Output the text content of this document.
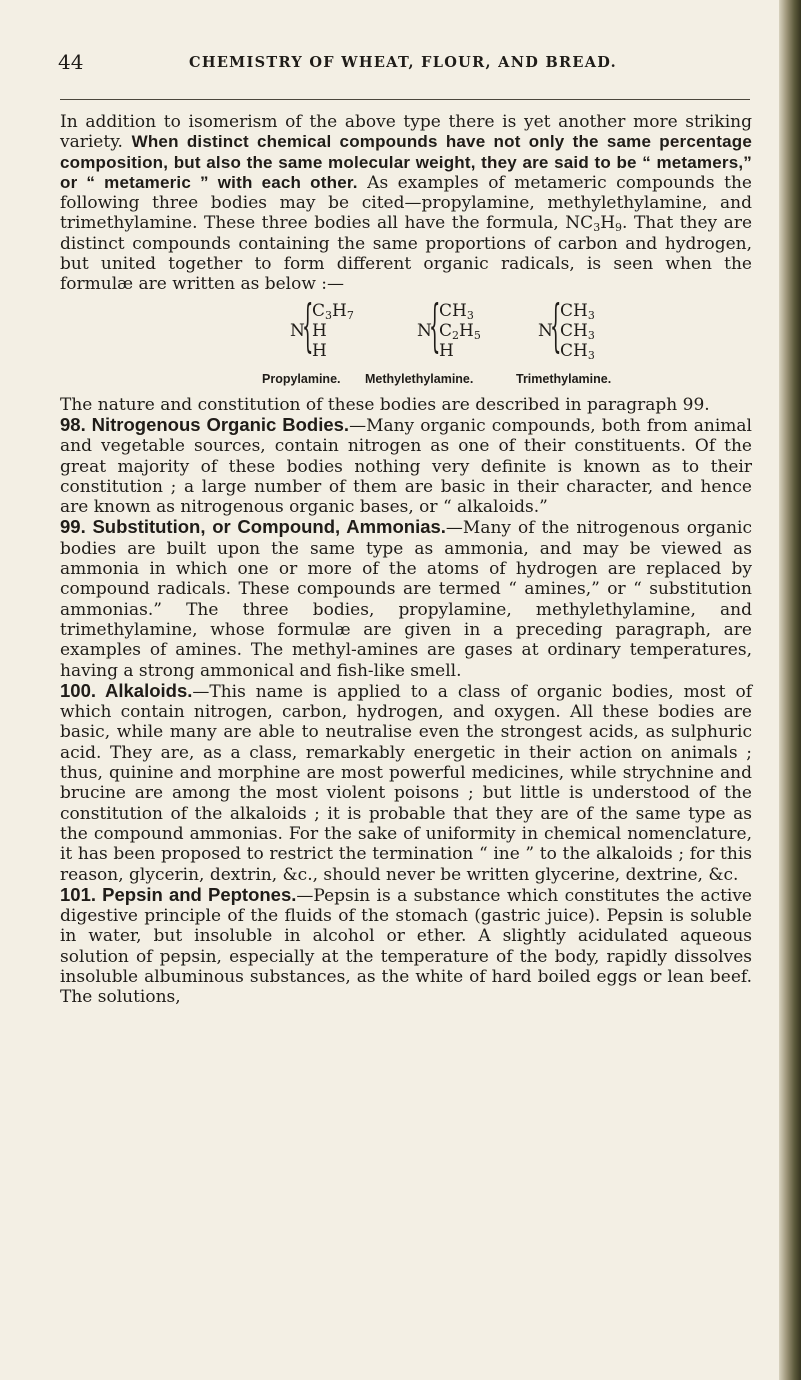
44	CHEMISTRY OF WHEAT, FLOUR, AND BREAD.

In addition to isomerism of the above type there is yet another more striking variety. When distinct chemical compounds have not only the same percentage composition, but also the same molecular weight, they are said to be “ metamers,” or “ metameric ” with each other. As examples of metameric compounds the following three bodies may be cited—propylamine, methylethylamine, and trimethylamine. These three bodies all have the formula, $NC_3H_9$. That they are distinct compounds containing the same proportions of carbon and hydrogen, but united together to form different organic radicals, is seen when the formulæ are written as below :—

N
{
$C_3H_7$
H
H
Propylamine.
N
{
$CH_3$
$C_2H_5$
H
Methylethylamine.
N
{
$CH_3$
$CH_3$
$CH_3$
Trimethylamine.

The nature and constitution of these bodies are described in paragraph 99.

98. Nitrogenous Organic Bodies.—Many organic compounds, both from animal and vegetable sources, contain nitrogen as one of their constituents. Of the great majority of these bodies nothing very definite is known as to their constitution ; a large number of them are basic in their character, and hence are known as nitrogenous organic bases, or “ alkaloids.”

99. Substitution, or Compound, Ammonias.—Many of the nitrogenous organic bodies are built upon the same type as ammonia, and may be viewed as ammonia in which one or more of the atoms of hydrogen are replaced by compound radicals. These compounds are termed “ amines,” or “ substitution ammonias.” The three bodies, propylamine, methylethylamine, and trimethylamine, whose formulæ are given in a preceding paragraph, are examples of amines. The methyl-amines are gases at ordinary temperatures, having a strong ammonical and fish-like smell.

100. Alkaloids.—This name is applied to a class of organic bodies, most of which contain nitrogen, carbon, hydrogen, and oxygen. All these bodies are basic, while many are able to neutralise even the strongest acids, as sulphuric acid. They are, as a class, remarkably energetic in their action on animals ; thus, quinine and morphine are most powerful medicines, while strychnine and brucine are among the most violent poisons ; but little is understood of the constitution of the alkaloids ; it is probable that they are of the same type as the compound ammonias. For the sake of uniformity in chemical nomenclature, it has been proposed to restrict the termination “ ine ” to the alkaloids ; for this reason, glycerin, dextrin, &c., should never be written glycerine, dextrine, &c.

101. Pepsin and Peptones.—Pepsin is a substance which constitutes the active digestive principle of the fluids of the stomach (gastric juice). Pepsin is soluble in water, but insoluble in alcohol or ether. A slightly acidulated aqueous solution of pepsin, especially at the temperature of the body, rapidly dissolves insoluble albuminous substances, as the white of hard boiled eggs or lean beef. The solutions,
